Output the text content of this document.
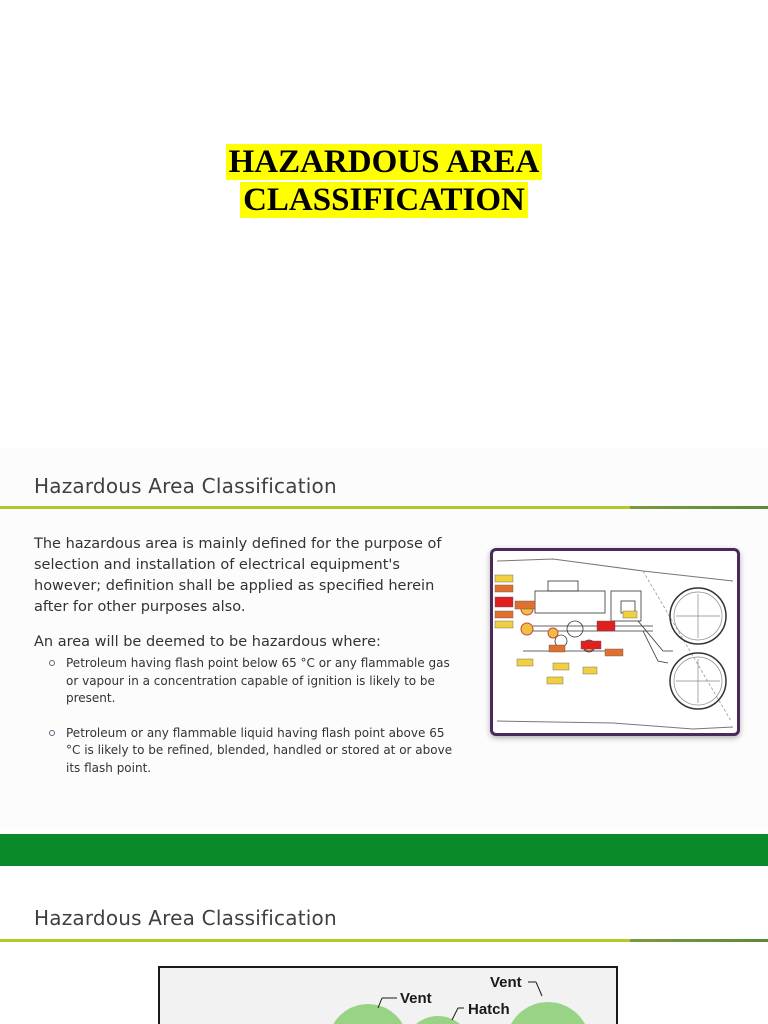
HAZARDOUS AREA
CLASSIFICATION
Hazardous Area Classification

The hazardous area is mainly defined for the purpose of selection and installation of electrical equipment's however; definition shall be applied as specified herein after for other purposes also.

An area will be deemed to be hazardous where:

Petroleum having flash point below 65 °C or any flammable gas or vapour in a concentration capable of ignition is likely to be present.
Petroleum or any flammable liquid having flash point above 65 °C is likely to be refined, blended, handled or stored at or above its flash point.
Hazardous Area Classification
Vent
Hatch
Vent
